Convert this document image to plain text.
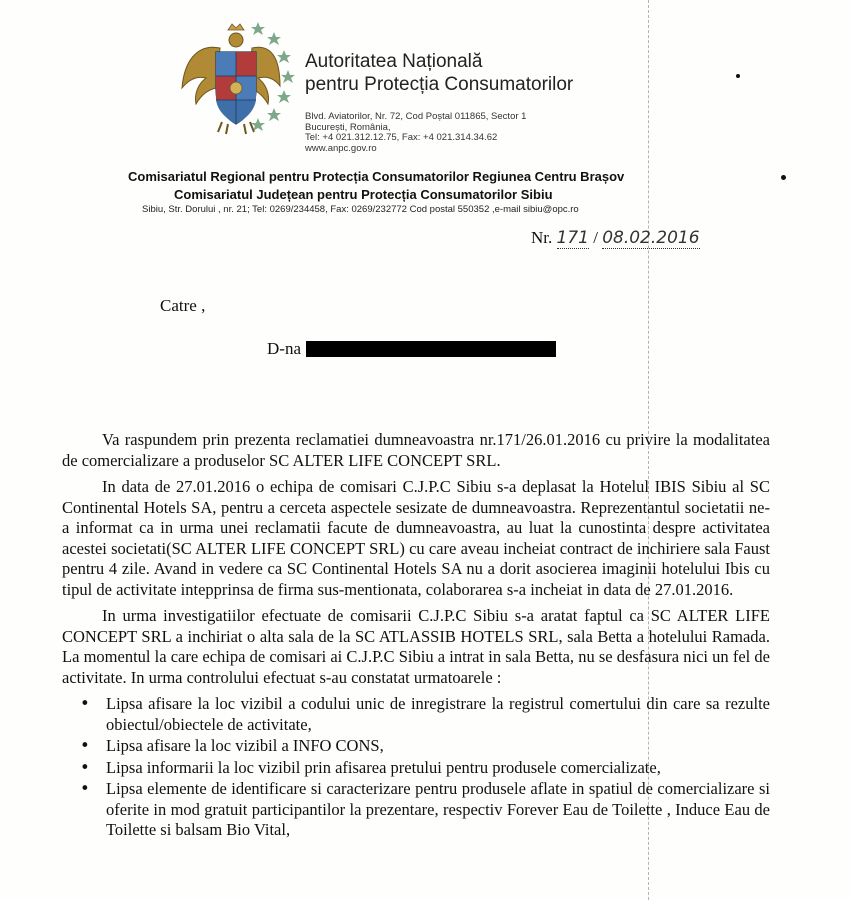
Autoritatea Națională
pentru Protecția Consumatorilor
Blvd. Aviatorilor, Nr. 72, Cod Poștal 011865, Sector 1
București, România,
Tel: +4 021.312.12.75, Fax: +4 021.314.34.62
www.anpc.gov.ro
Comisariatul Regional pentru Protecția Consumatorilor Regiunea Centru Brașov
Comisariatul Județean pentru Protecția Consumatorilor Sibiu
Sibiu, Str. Dorului , nr. 21; Tel: 0269/234458, Fax: 0269/232772 Cod postal 550352 ,e-mail sibiu@opc.ro
Nr. 171 / 08.02.2016
Catre ,
D-na

Va raspundem prin prezenta reclamatiei dumneavoastra nr.171/26.01.2016 cu privire la modalitatea de comercializare a produselor SC ALTER LIFE CONCEPT SRL.

In data de 27.01.2016 o echipa de comisari C.J.P.C Sibiu s-a deplasat la Hotelul IBIS Sibiu al SC Continental Hotels SA, pentru a cerceta aspectele sesizate de dumneavoastra. Reprezentantul societatii ne-a informat ca in urma unei reclamatii facute de dumneavoastra, au luat la cunostinta despre activitatea acestei societati(SC ALTER LIFE CONCEPT SRL) cu care aveau incheiat contract de inchiriere sala Faust pentru 4 zile. Avand in vedere ca SC Continental Hotels SA nu a dorit asocierea imaginii hotelului Ibis cu tipul de activitate intepprinsa de firma sus-mentionata, colaborarea s-a incheiat in data de 27.01.2016.

In urma investigatiilor efectuate de comisarii C.J.P.C Sibiu s-a aratat faptul ca SC ALTER LIFE CONCEPT SRL a inchiriat o alta sala de la SC ATLASSIB HOTELS SRL, sala Betta a hotelului Ramada. La momentul la care echipa de comisari ai C.J.P.C Sibiu a intrat in sala Betta, nu se desfasura nici un fel de activitate. In urma controlului efectuat s-au constatat urmatoarele :

• Lipsa afisare la loc vizibil a codului unic de inregistrare la registrul comertului din care sa rezulte obiectul/obiectele de activitate,
• Lipsa afisare la loc vizibil a INFO CONS,
• Lipsa informarii la loc vizibil prin afisarea pretului pentru produsele comercializate,
• Lipsa elemente de identificare si caracterizare pentru produsele aflate in spatiul de comercializare si oferite in mod gratuit participantilor la prezentare, respectiv Forever Eau de Toilette , Induce Eau de Toilette si balsam Bio Vital,
